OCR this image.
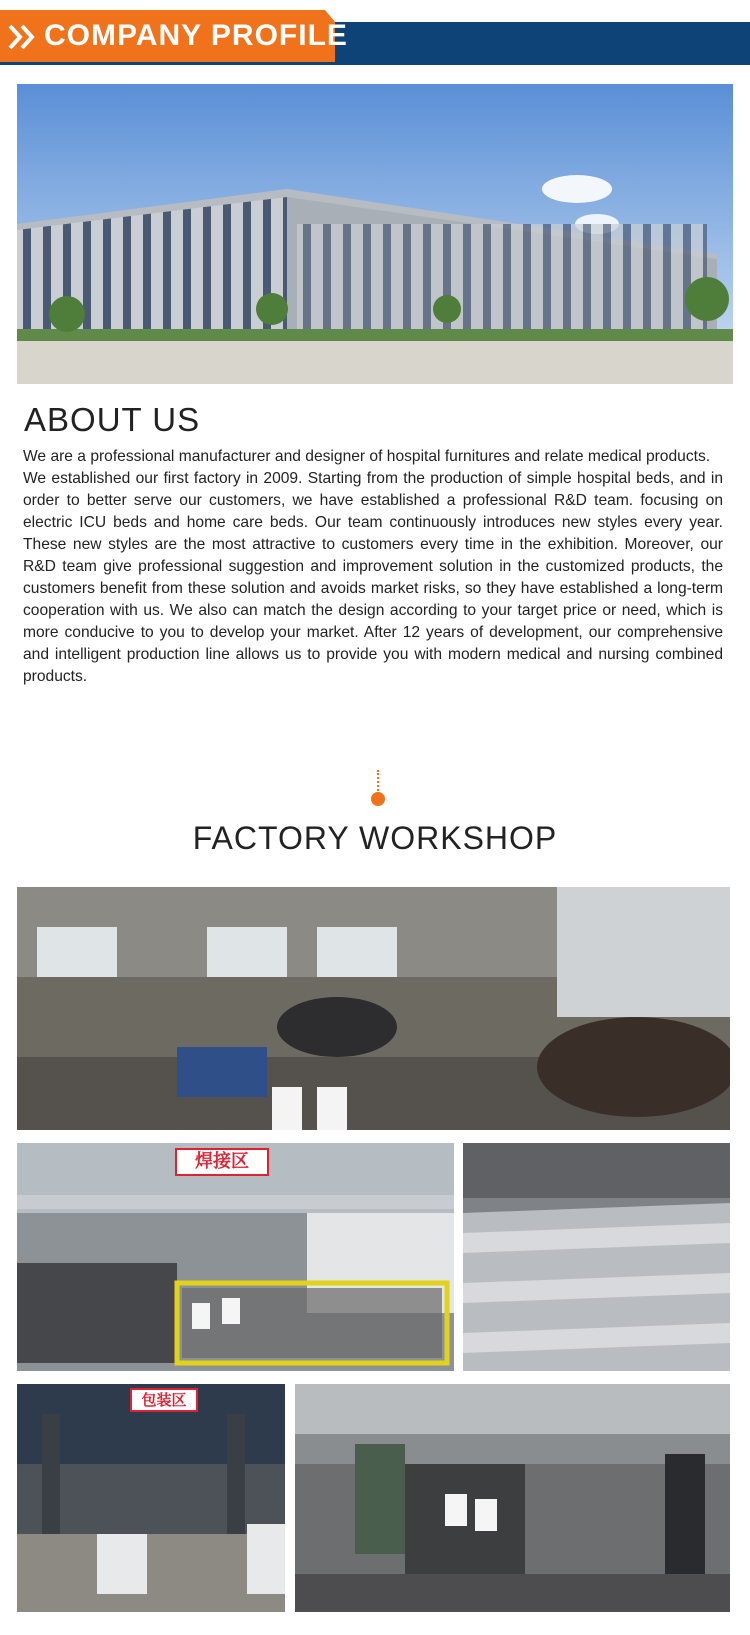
COMPANY PROFILE
ABOUT US

We are a professional manufacturer and designer of hospital furnitures and relate medical products.

We established our first factory in 2009. Starting from the production of simple hospital beds, and in order to better serve our customers, we have established a professional R&D team. focusing on electric ICU beds and home care beds. Our team continuously introduces new styles every year. These new styles are the most attractive to customers every time in the exhibition. Moreover, our R&D team give professional suggestion and improvement solution in the customized products, the customers benefit from these solution and avoids market risks, so they have established a long-term cooperation with us. We also can match the design according to your target price or need, which is more conducive to you to develop your market. After 12 years of development, our comprehensive and intelligent production line allows us to provide you with modern medical and nursing combined products.

FACTORY WORKSHOP
焊接区
包装区
